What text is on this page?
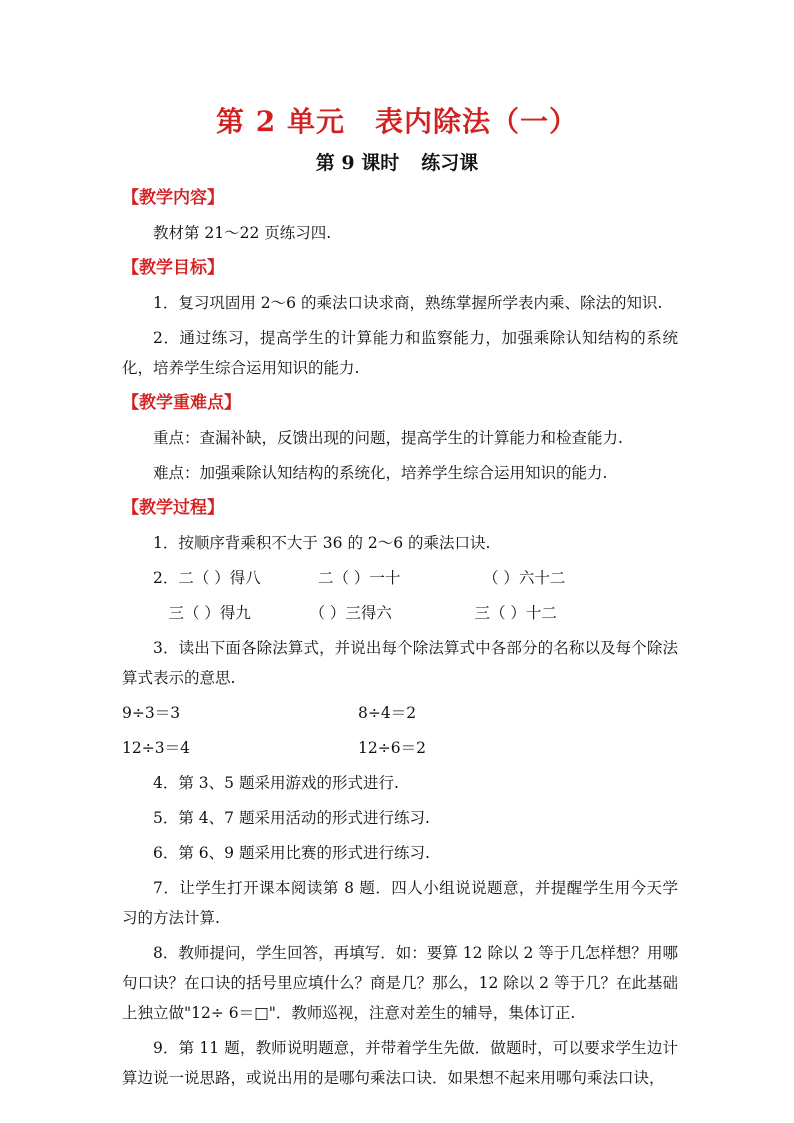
第 2 单元 表内除法（一）
第 9 课时 练习课
【教学内容】
教材第 21～22 页练习四.
【教学目标】
1．复习巩固用 2～6 的乘法口诀求商，熟练掌握所学表内乘、除法的知识.
2．通过练习，提高学生的计算能力和监察能力，加强乘除认知结构的系统化，培养学生综合运用知识的能力.
【教学重难点】
重点：查漏补缺，反馈出现的问题，提高学生的计算能力和检查能力.
难点：加强乘除认知结构的系统化，培养学生综合运用知识的能力.
【教学过程】
1．按顺序背乘积不大于 36 的 2～6 的乘法口诀.
2．二（ ）得八	二（ ）一十	（ ）六十二
三（ ）得九	（ ）三得六	三（ ）十二
3．读出下面各除法算式，并说出每个除法算式中各部分的名称以及每个除法算式表示的意思.
9÷3＝3	8÷4＝2
12÷3＝4	12÷6＝2
4．第 3、5 题采用游戏的形式进行.
5．第 4、7 题采用活动的形式进行练习.
6．第 6、9 题采用比赛的形式进行练习.
7．让学生打开课本阅读第 8 题．四人小组说说题意，并提醒学生用今天学习的方法计算.
8．教师提问，学生回答，再填写．如：要算 12 除以 2 等于几怎样想？用哪句口诀？在口诀的括号里应填什么？商是几？那么，12 除以 2 等于几？在此基础上独立做"12÷ 6＝□"．教师巡视，注意对差生的辅导，集体订正.
9．第 11 题，教师说明题意，并带着学生先做．做题时，可以要求学生边计算边说一说思路，或说出用的是哪句乘法口诀．如果想不起来用哪句乘法口诀，
